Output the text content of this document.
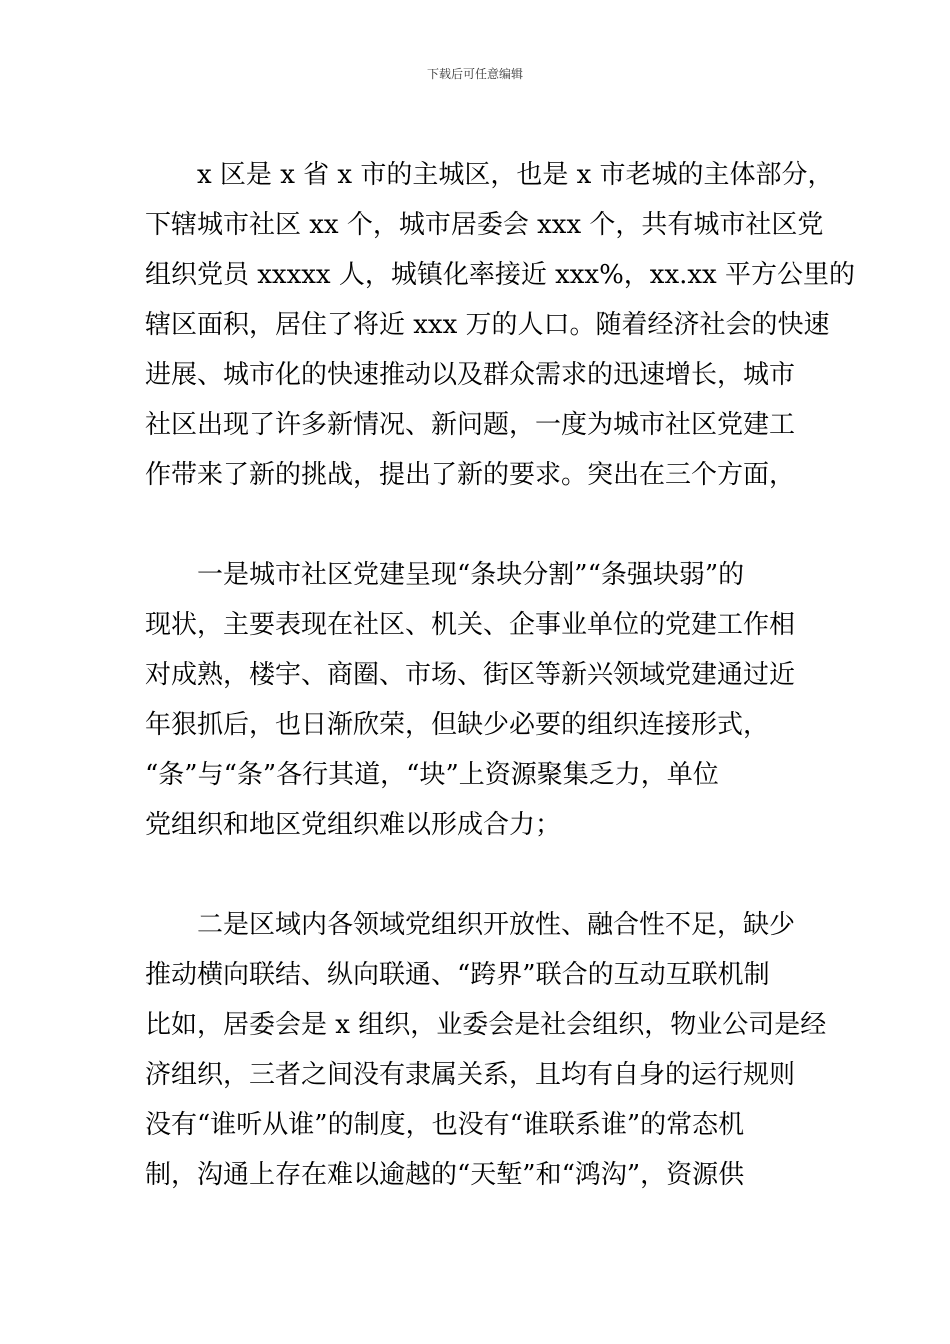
下载后可任意编辑

x 区是 x 省 x 市的主城区，也是 x 市老城的主体部分，
下辖城市社区 xx 个，城市居委会 xxx 个，共有城市社区党
组织党员 xxxxx 人，城镇化率接近 xxx%，xx.xx 平方公里的
辖区面积，居住了将近 xxx 万的人口。随着经济社会的快速
进展、城市化的快速推动以及群众需求的迅速增长，城市
社区出现了许多新情况、新问题，一度为城市社区党建工
作带来了新的挑战，提出了新的要求。突出在三个方面，

一是城市社区党建呈现“条块分割”“条强块弱”的
现状，主要表现在社区、机关、企事业单位的党建工作相
对成熟，楼宇、商圈、市场、街区等新兴领域党建通过近
年狠抓后，也日渐欣荣，但缺少必要的组织连接形式，
“条”与“条”各行其道，“块”上资源聚集乏力，单位
党组织和地区党组织难以形成合力；

二是区域内各领域党组织开放性、融合性不足，缺少
推动横向联结、纵向联通、“跨界”联合的互动互联机制
比如，居委会是 x 组织，业委会是社会组织，物业公司是经
济组织，三者之间没有隶属关系，且均有自身的运行规则
没有“谁听从谁”的制度，也没有“谁联系谁”的常态机
制，沟通上存在难以逾越的“天堑”和“鸿沟”，资源供
